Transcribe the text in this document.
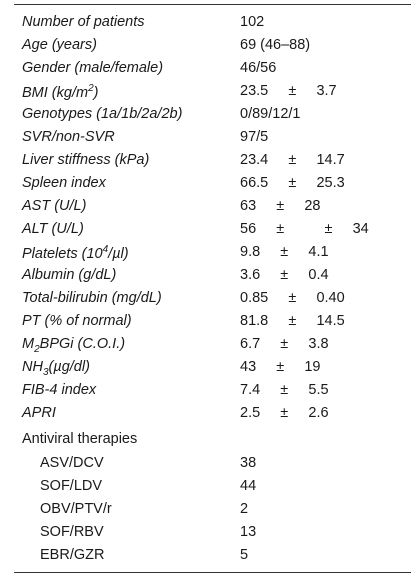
Number of patients	102
Age (years)	69 (46–88)
Gender (male/female)	46/56
BMI $(kg/m^2)$	23.5     ±     3.7
Genotypes (1a/1b/2a/2b)	0/89/12/1
SVR/non-SVR	97/5
Liver stiffness (kPa)	23.4     ±     14.7
Spleen index	66.5     ±     25.3
AST (U/L)	63     ±     28
ALT (U/L)	56     ±          ±     34
Platelets $(10^4/\mu l)$	9.8     ±     4.1
Albumin (g/dL)	3.6     ±     0.4
Total-bilirubin (mg/dL)	0.85     ±     0.40
PT (% of normal)	81.8     ±     14.5
$M_2BPGi$ (C.O.I.)	6.7     ±     3.8
$NH_3(\mu g/dl)$	43     ±     19
FIB-4 index	7.4     ±     5.5
APRI	2.5     ±     2.6
Antiviral therapies
ASV/DCV	38
SOF/LDV	44
OBV/PTV/r	2
SOF/RBV	13
EBR/GZR	5
